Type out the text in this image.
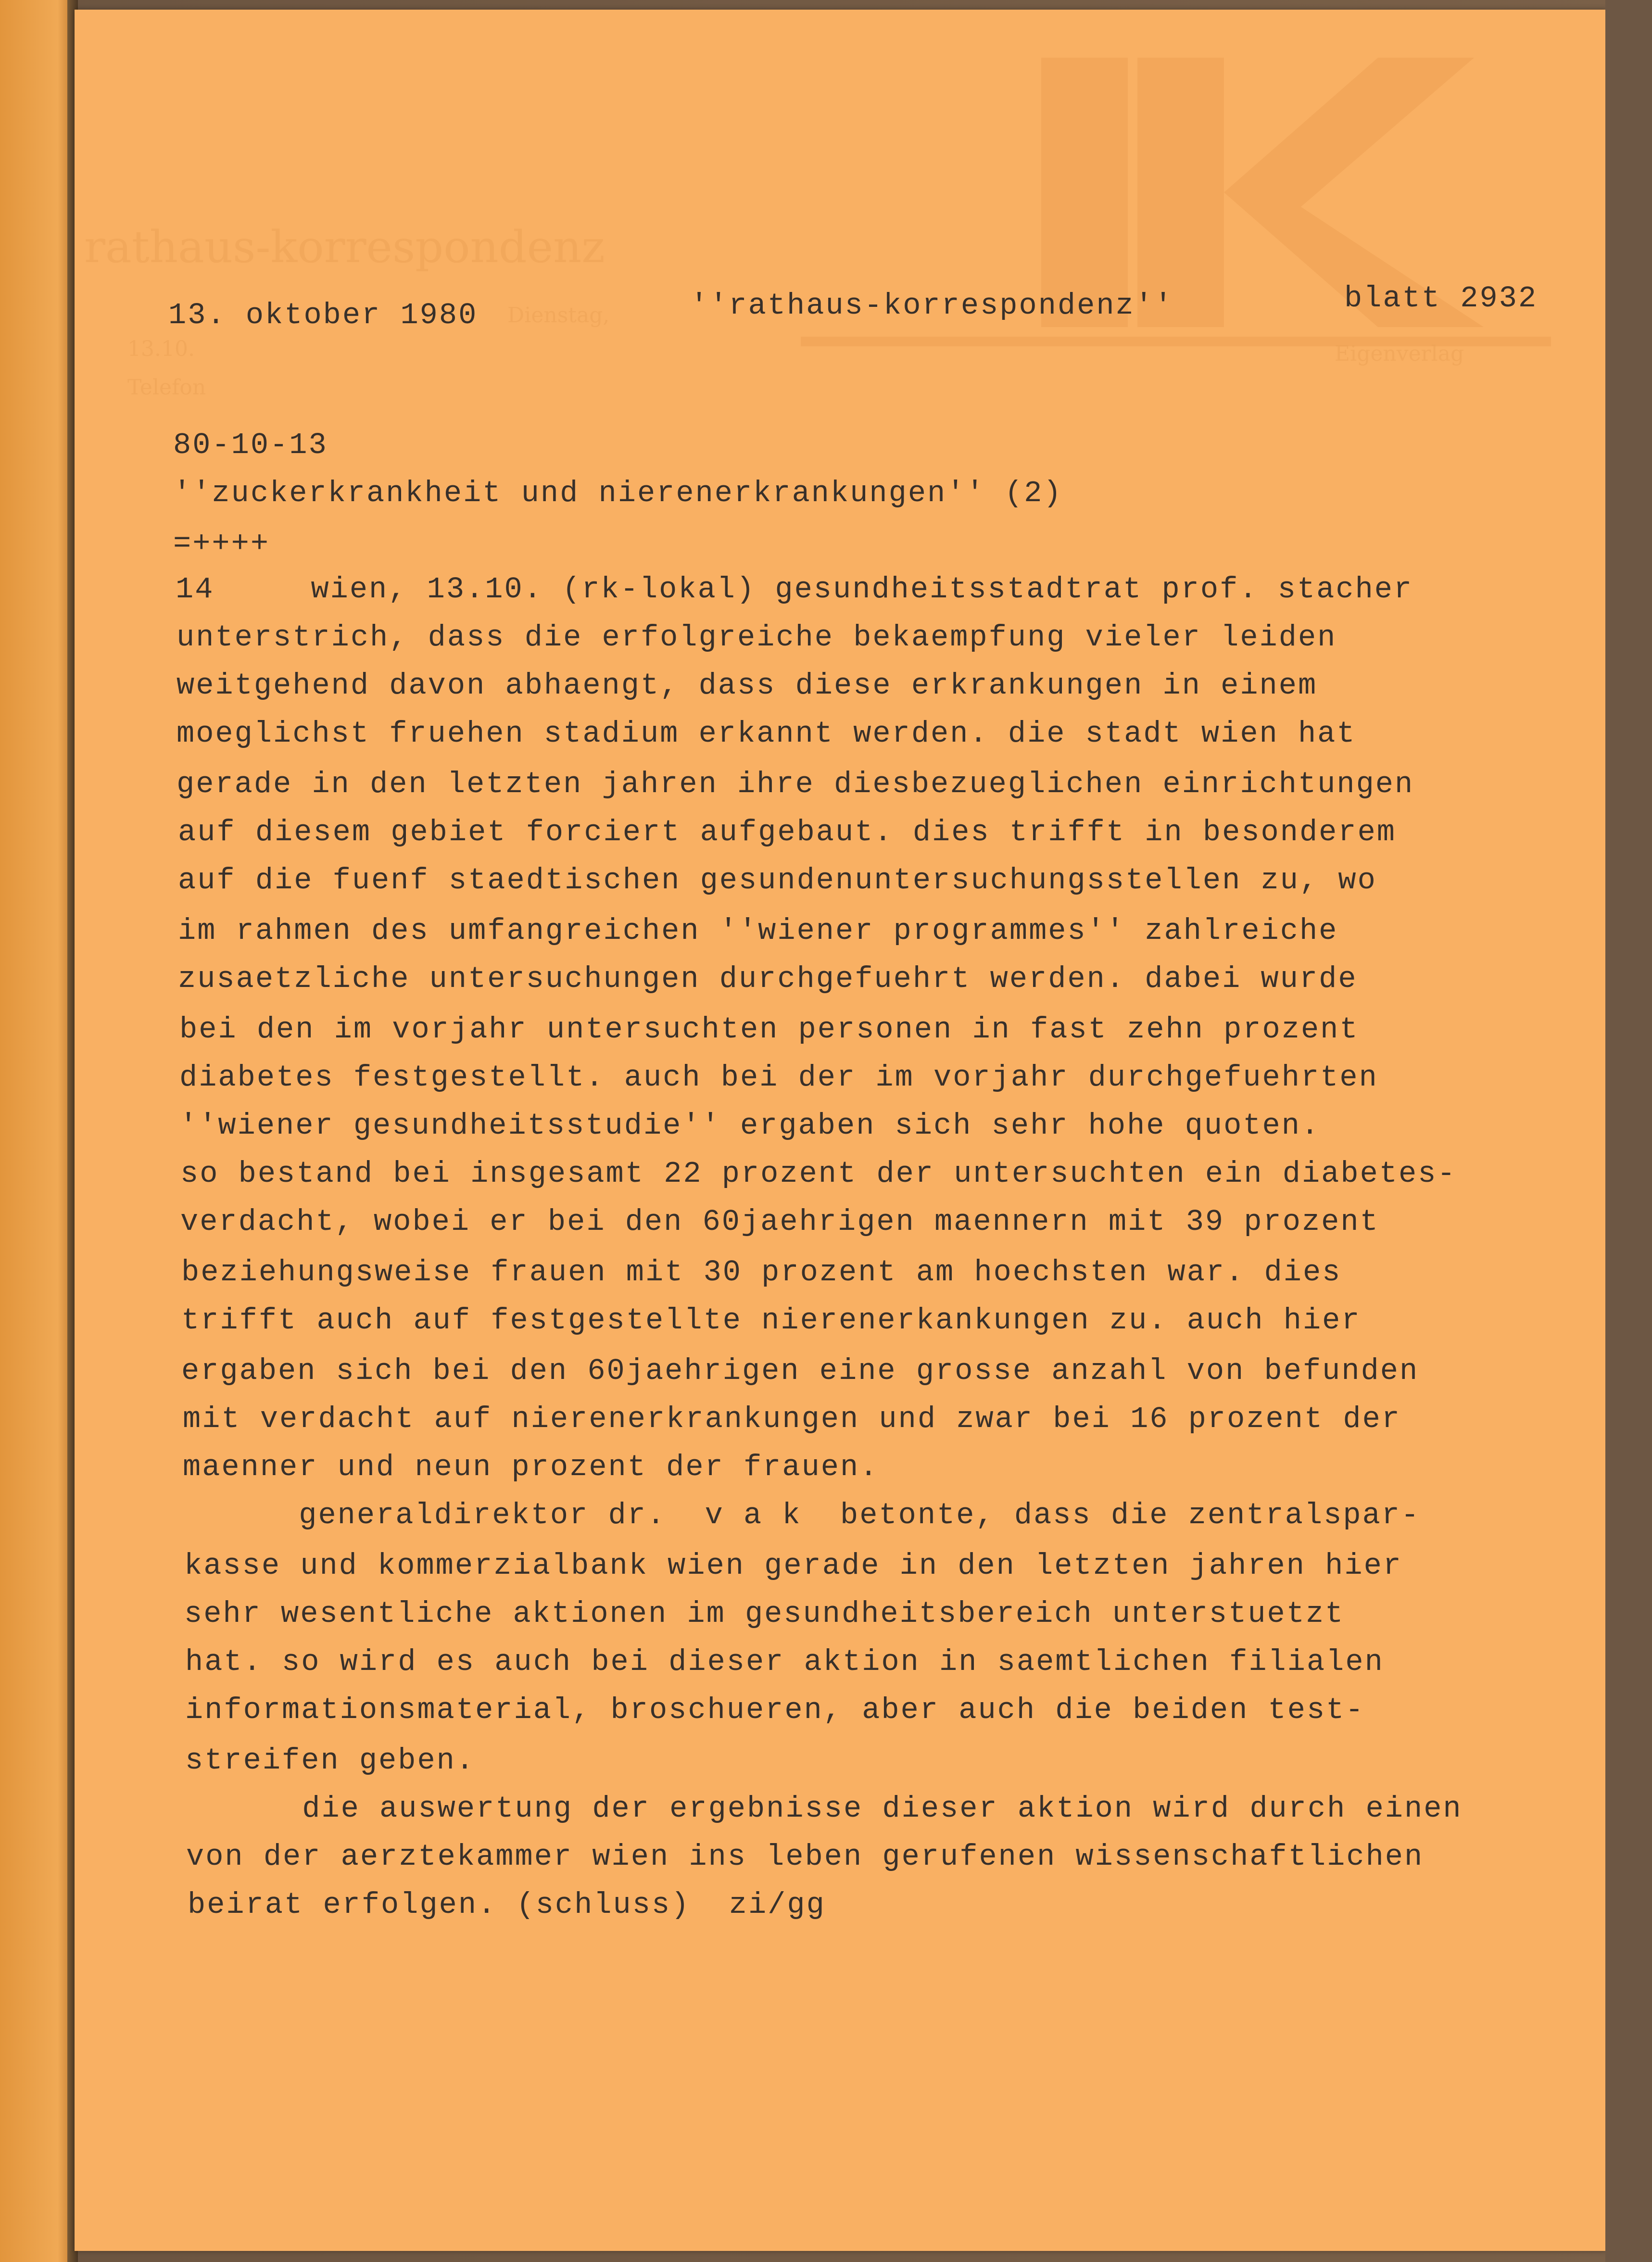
rathaus-korrespondenz
Dienstag,
13.10.
Telefon
Eigenverlag
13. oktober 1980	''rathaus-korrespondenz''	blatt 2932
80-10-13
''zuckerkrankheit und nierenerkrankungen'' (2)
=++++
14     wien, 13.10. (rk-lokal) gesundheitsstadtrat prof. stacher
unterstrich, dass die erfolgreiche bekaempfung vieler leiden
weitgehend davon abhaengt, dass diese erkrankungen in einem
moeglichst fruehen stadium erkannt werden. die stadt wien hat
gerade in den letzten jahren ihre diesbezueglichen einrichtungen
auf diesem gebiet forciert aufgebaut. dies trifft in besonderem
auf die fuenf staedtischen gesundenuntersuchungsstellen zu, wo
im rahmen des umfangreichen ''wiener programmes'' zahlreiche
zusaetzliche untersuchungen durchgefuehrt werden. dabei wurde
bei den im vorjahr untersuchten personen in fast zehn prozent
diabetes festgestellt. auch bei der im vorjahr durchgefuehrten
''wiener gesundheitsstudie'' ergaben sich sehr hohe quoten.
so bestand bei insgesamt 22 prozent der untersuchten ein diabetes-
verdacht, wobei er bei den 60jaehrigen maennern mit 39 prozent
beziehungsweise frauen mit 30 prozent am hoechsten war. dies
trifft auch auf festgestellte nierenerkankungen zu. auch hier
ergaben sich bei den 60jaehrigen eine grosse anzahl von befunden
mit verdacht auf nierenerkrankungen und zwar bei 16 prozent der
maenner und neun prozent der frauen.
generaldirektor dr.  v a k  betonte, dass die zentralspar-
kasse und kommerzialbank wien gerade in den letzten jahren hier
sehr wesentliche aktionen im gesundheitsbereich unterstuetzt
hat. so wird es auch bei dieser aktion in saemtlichen filialen
informationsmaterial, broschueren, aber auch die beiden test-
streifen geben.
die auswertung der ergebnisse dieser aktion wird durch einen
von der aerztekammer wien ins leben gerufenen wissenschaftlichen
beirat erfolgen. (schluss)  zi/gg
